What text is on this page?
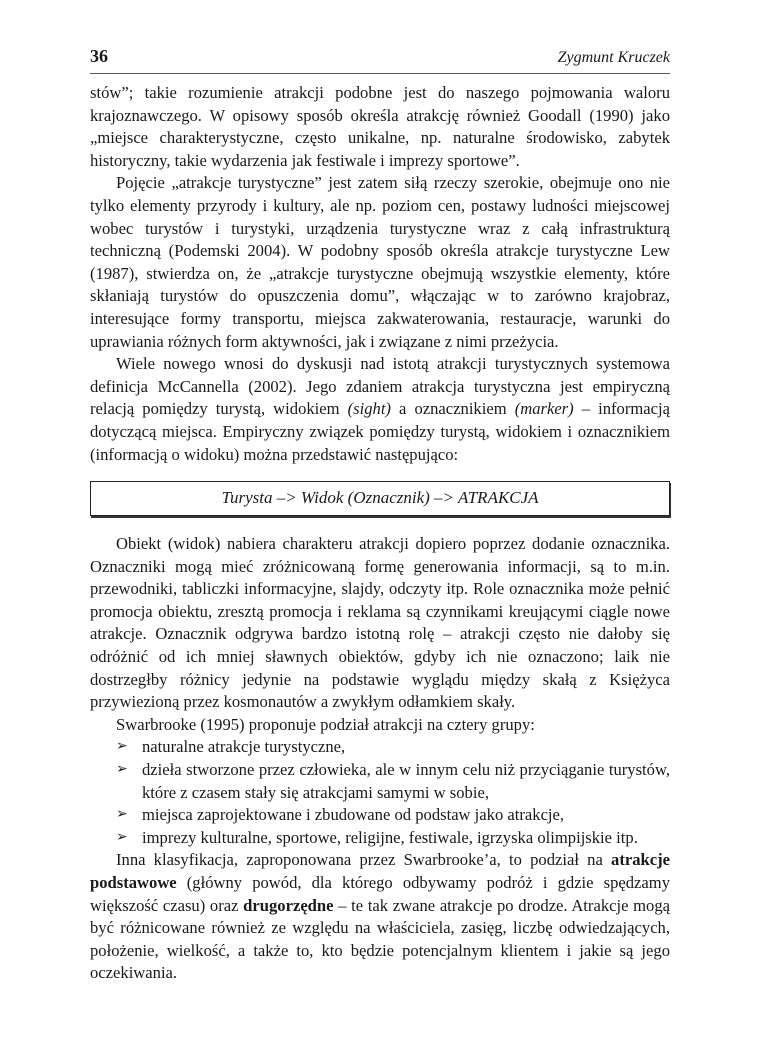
36	Zygmunt Kruczek

stów”; takie rozumienie atrakcji podobne jest do naszego pojmowania waloru krajoznawczego. W opisowy sposób określa atrakcję również Goodall (1990) jako „miejsce charakterystyczne, często unikalne, np. naturalne środowisko, zabytek historyczny, takie wydarzenia jak festiwale i imprezy sportowe”.

Pojęcie „atrakcje turystyczne” jest zatem siłą rzeczy szerokie, obejmuje ono nie tylko elementy przyrody i kultury, ale np. poziom cen, postawy ludności miejscowej wobec turystów i turystyki, urządzenia turystyczne wraz z całą infrastrukturą techniczną (Podemski 2004). W podobny sposób określa atrakcje turystyczne Lew (1987), stwierdza on, że „atrakcje turystyczne obejmują wszystkie elementy, które skłaniają turystów do opuszczenia domu”, włączając w to zarówno krajobraz, interesujące formy transportu, miejsca zakwaterowania, restauracje, warunki do uprawiania różnych form aktywności, jak i związane z nimi przeżycia.

Wiele nowego wnosi do dyskusji nad istotą atrakcji turystycznych systemowa definicja McCannella (2002). Jego zdaniem atrakcja turystyczna jest empiryczną relacją pomiędzy turystą, widokiem (sight) a oznacznikiem (marker) – informacją dotyczącą miejsca. Empiryczny związek pomiędzy turystą, widokiem i oznacznikiem (informacją o widoku) można przedstawić następująco:

Turysta –> Widok (Oznacznik) –> ATRAKCJA

Obiekt (widok) nabiera charakteru atrakcji dopiero poprzez dodanie oznacznika. Oznaczniki mogą mieć zróżnicowaną formę generowania informacji, są to m.in. przewodniki, tabliczki informacyjne, slajdy, odczyty itp. Role oznacznika może pełnić promocja obiektu, zresztą promocja i reklama są czynnikami kreującymi ciągle nowe atrakcje. Oznacznik odgrywa bardzo istotną rolę – atrakcji często nie dałoby się odróżnić od ich mniej sławnych obiektów, gdyby ich nie oznaczono; laik nie dostrzegłby różnicy jedynie na podstawie wyglądu między skałą z Księżyca przywiezioną przez kosmonautów a zwykłym odłamkiem skały.

Swarbrooke (1995) proponuje podział atrakcji na cztery grupy:

➢ naturalne atrakcje turystyczne,
➢ dzieła stworzone przez człowieka, ale w innym celu niż przyciąganie turystów, które z czasem stały się atrakcjami samymi w sobie,
➢ miejsca zaprojektowane i zbudowane od podstaw jako atrakcje,
➢ imprezy kulturalne, sportowe, religijne, festiwale, igrzyska olimpijskie itp.

Inna klasyfikacja, zaproponowana przez Swarbrooke’a, to podział na atrakcje podstawowe (główny powód, dla którego odbywamy podróż i gdzie spędzamy większość czasu) oraz drugorzędne – te tak zwane atrakcje po drodze. Atrakcje mogą być różnicowane również ze względu na właściciela, zasięg, liczbę odwiedzających, położenie, wielkość, a także to, kto będzie potencjalnym klientem i jakie są jego oczekiwania.
